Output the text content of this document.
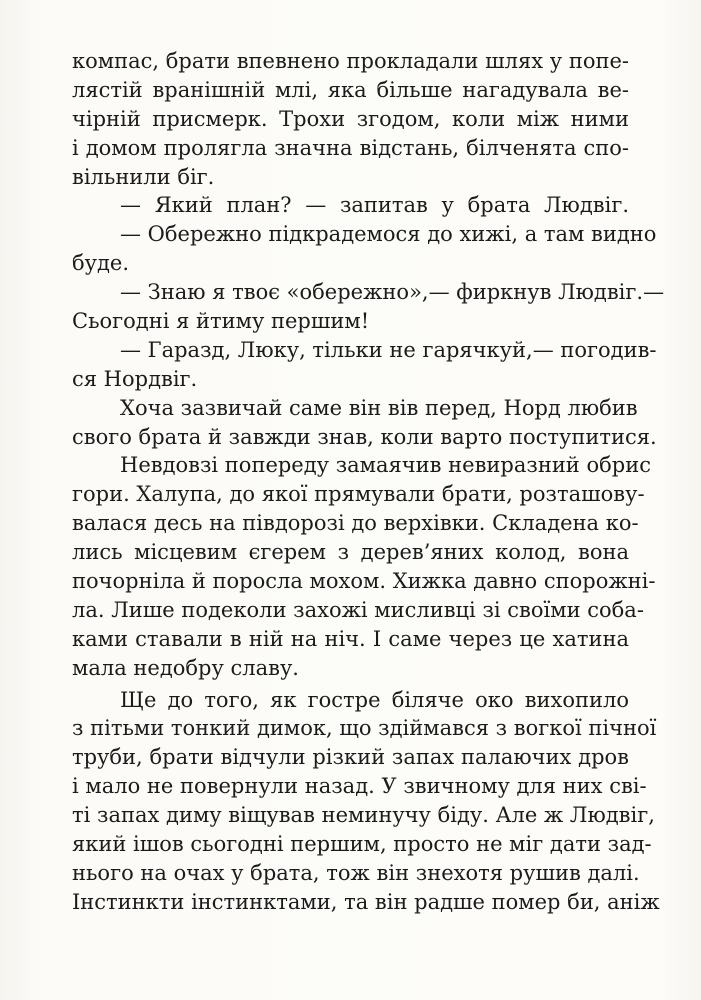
компас, брати впевнено прокладали шлях у попе-
лястій вранішній млі, яка більше нагадувала ве-
чірній присмерк. Трохи згодом, коли між ними
і домом пролягла значна відстань, білченята спо-
вільнили біг.
— Який план? — запитав у брата Людвіг.
— Обережно підкрадемося до хижі, а там видно
буде.
— Знаю я твоє «обережно»,— фиркнув Людвіг.—
Сьогодні я йтиму першим!
— Гаразд, Люку, тільки не гарячкуй,— погодив-
ся Нордвіг.
Хоча зазвичай саме він вів перед, Норд любив
свого брата й завжди знав, коли варто поступитися.
Невдовзі попереду замаячив невиразний обрис
гори. Халупа, до якої прямували брати, розташову-
валася десь на півдорозі до верхівки. Складена ко-
лись місцевим єгерем з дерев’яних колод, вона
почорніла й поросла мохом. Хижка давно спорожні-
ла. Лише подеколи захожі мисливці зі своїми соба-
ками ставали в ній на ніч. І саме через це хатина
мала недобру славу.
Ще до того, як гостре біляче око вихопило
з пітьми тонкий димок, що здіймався з вогкої пічної
труби, брати відчули різкий запах палаючих дров
і мало не повернули назад. У звичному для них сві-
ті запах диму віщував неминучу біду. Але ж Людвіг,
який ішов сьогодні першим, просто не міг дати зад-
нього на очах у брата, тож він знехотя рушив далі.
Інстинкти інстинктами, та він радше помер би, аніж
